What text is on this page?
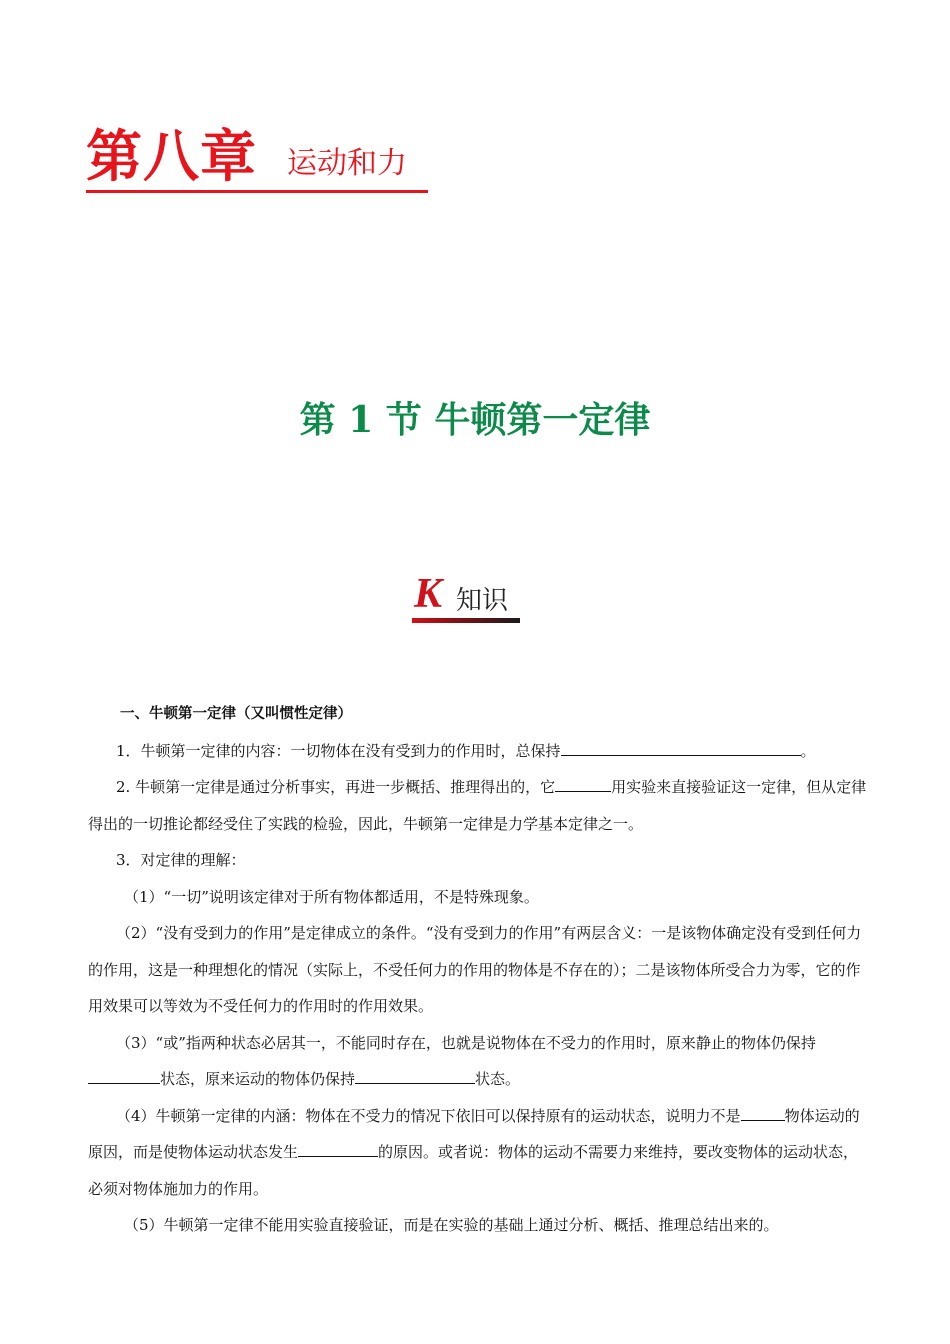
第八章 运动和力
第 1 节 牛顿第一定律
K 知识

一、牛顿第一定律（又叫惯性定律）

1．牛顿第一定律的内容：一切物体在没有受到力的作用时，总保持	。

2. 牛顿第一定律是通过分析事实，再进一步概括、推理得出的，它	用实验来直接验证这一定律，但从定律得出的一切推论都经受住了实践的检验，因此，牛顿第一定律是力学基本定律之一。

3．对定律的理解：

（1）“一切”说明该定律对于所有物体都适用，不是特殊现象。

（2）“没有受到力的作用”是定律成立的条件。“没有受到力的作用”有两层含义：一是该物体确定没有受到任何力的作用，这是一种理想化的情况（实际上，不受任何力的作用的物体是不存在的）；二是该物体所受合力为零，它的作用效果可以等效为不受任何力的作用时的作用效果。

（3）“或”指两种状态必居其一，不能同时存在，也就是说物体在不受力的作用时，原来静止的物体仍保持状态，原来运动的物体仍保持	状态。

（4）牛顿第一定律的内涵：物体在不受力的情况下依旧可以保持原有的运动状态，说明力不是	物体运动的原因，而是使物体运动状态发生	的原因。或者说：物体的运动不需要力来维持，要改变物体的运动状态，必须对物体施加力的作用。

（5）牛顿第一定律不能用实验直接验证，而是在实验的基础上通过分析、概括、推理总结出来的。
